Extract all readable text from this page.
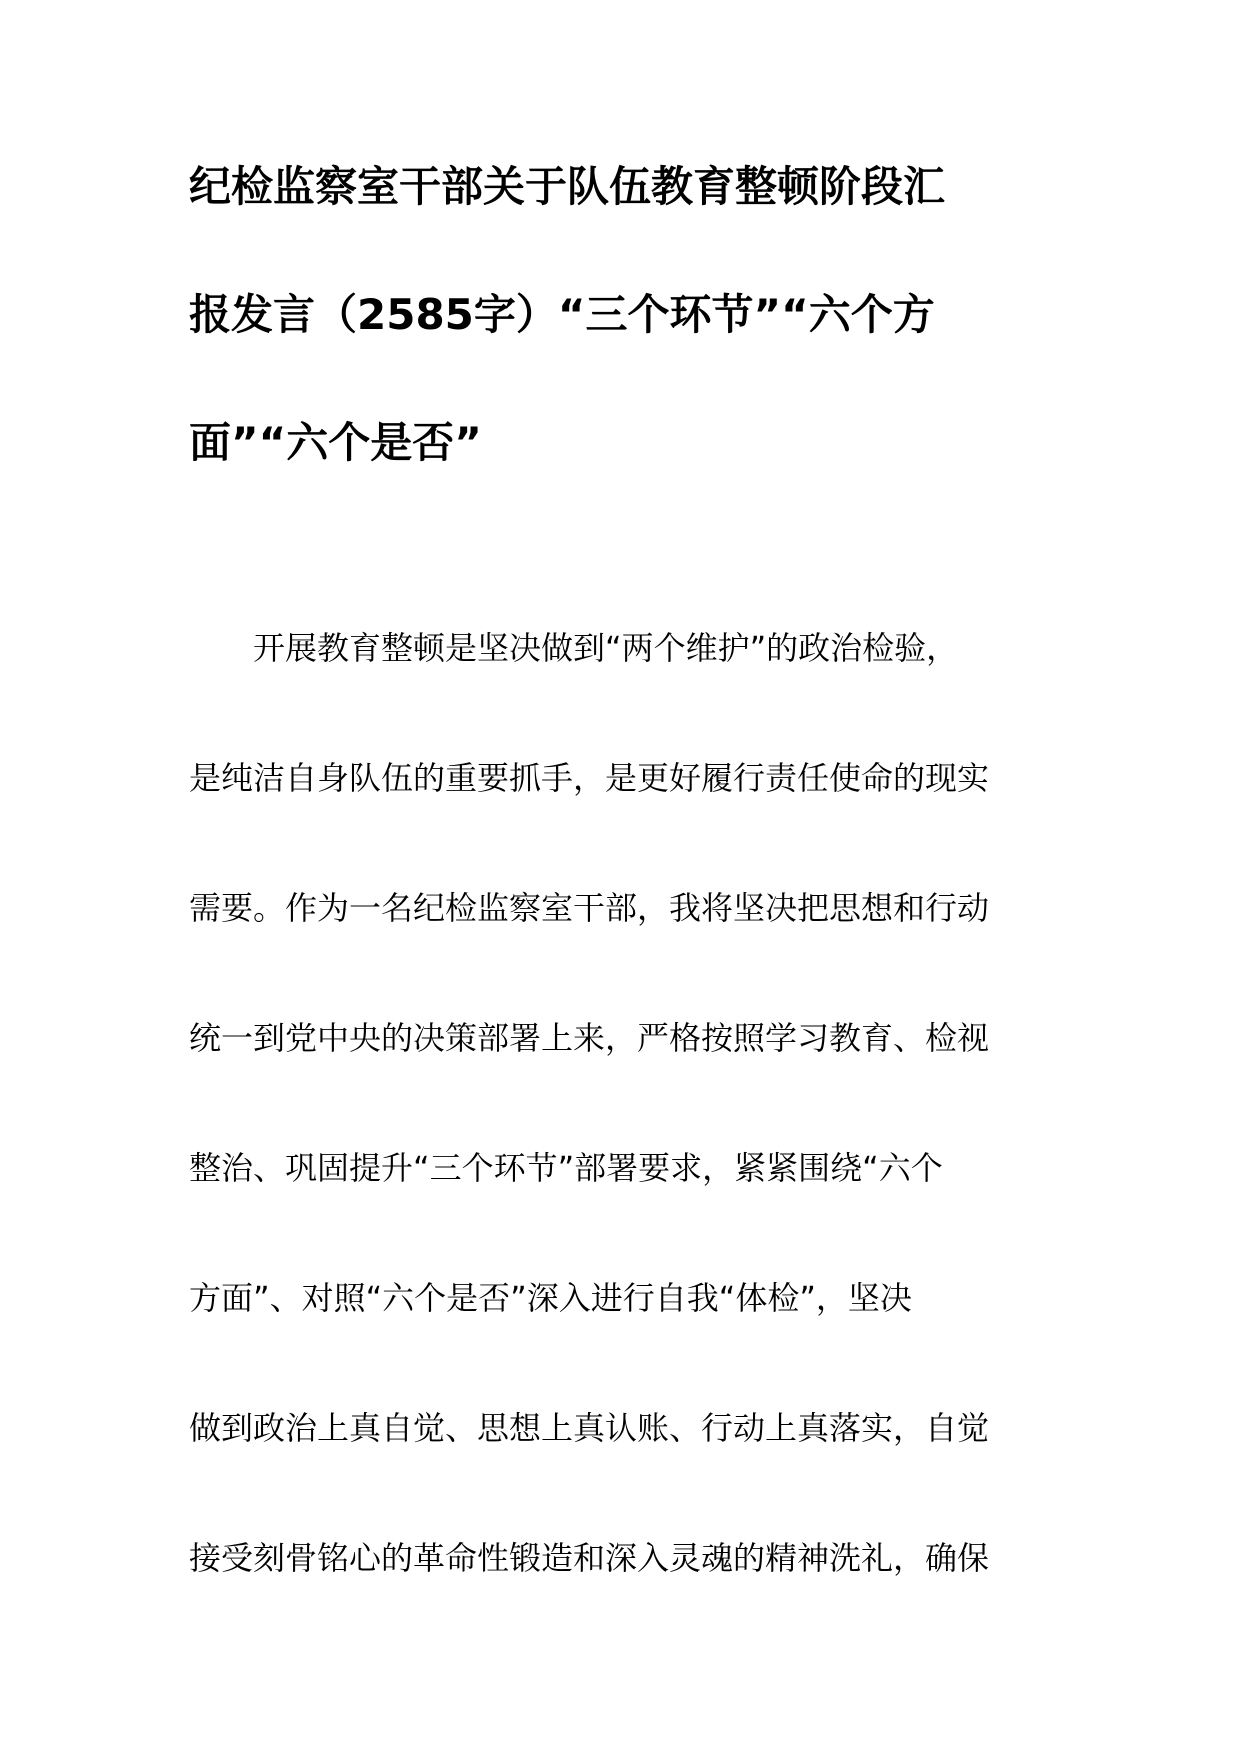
纪检监察室干部关于队伍教育整顿阶段汇
报发言（2585字）“三个环节”“六个方
面”“六个是否”
开展教育整顿是坚决做到“两个维护”的政治检验，
是纯洁自身队伍的重要抓手，是更好履行责任使命的现实
需要。作为一名纪检监察室干部，我将坚决把思想和行动
统一到党中央的决策部署上来，严格按照学习教育、检视
整治、巩固提升“三个环节”部署要求，紧紧围绕“六个
方面”、对照“六个是否”深入进行自我“体检”，坚决
做到政治上真自觉、思想上真认账、行动上真落实，自觉
接受刻骨铭心的革命性锻造和深入灵魂的精神洗礼，确保
